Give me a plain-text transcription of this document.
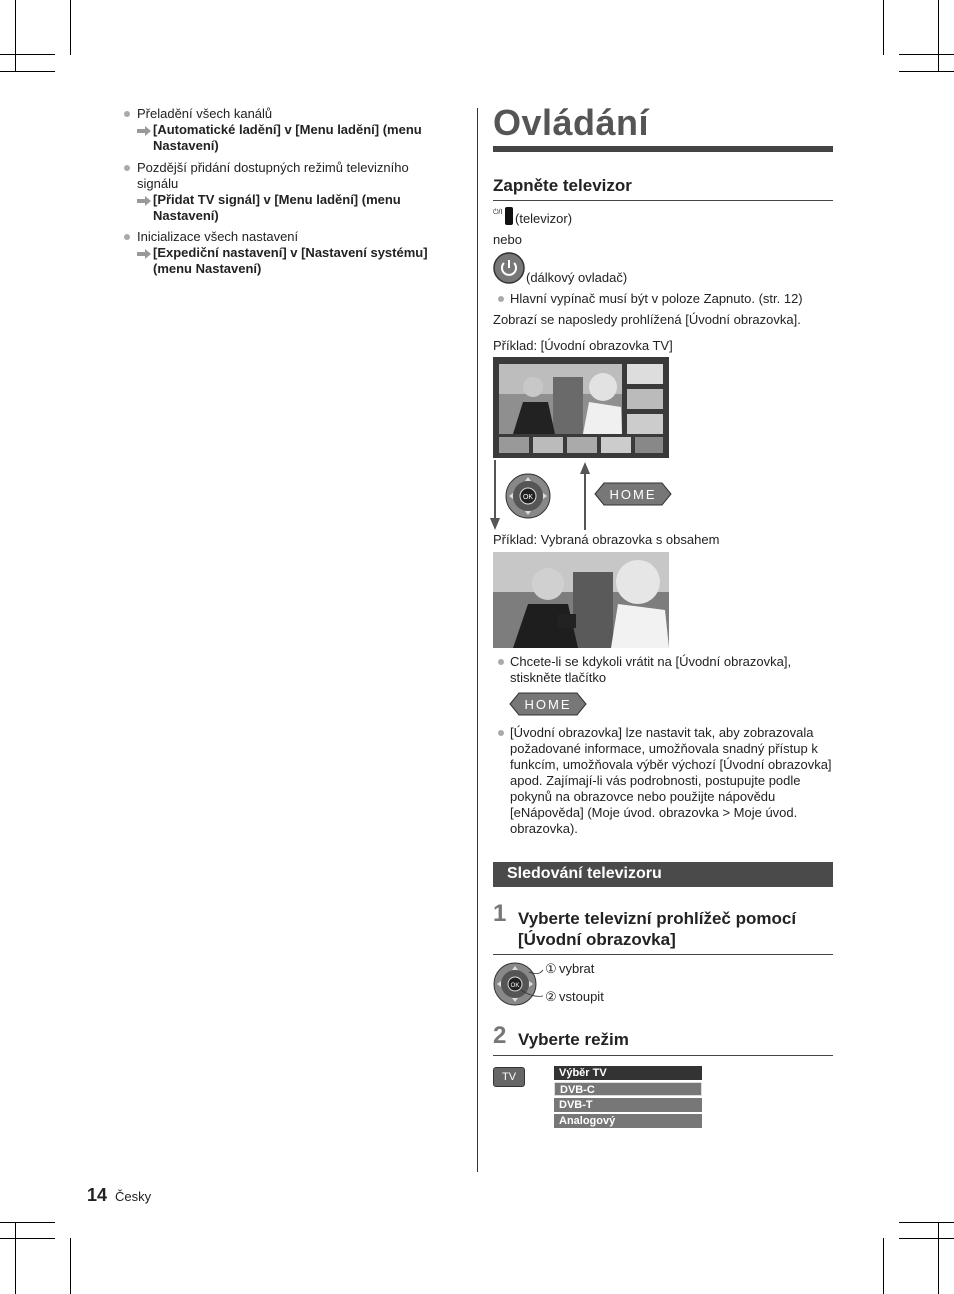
Přeladění všech kanálů
[Automatické ladění] v [Menu ladění] (menu Nastavení)
Pozdější přidání dostupných režimů televizního signálu
[Přidat TV signál] v [Menu ladění] (menu Nastavení)
Inicializace všech nastavení
[Expediční nastavení] v [Nastavení systému] (menu Nastavení)
Ovládání
Zapněte televizor
⏻/I (televizor)
nebo
(dálkový ovladač)
Hlavní vypínač musí být v poloze Zapnuto. (str. 12)
Zobrazí se naposledy prohlížená [Úvodní obrazovka].
Příklad: [Úvodní obrazovka TV]
OK	HOME
Příklad: Vybraná obrazovka s obsahem
Chcete-li se kdykoli vrátit na [Úvodní obrazovka], stiskněte tlačítko
HOME
[Úvodní obrazovka] lze nastavit tak, aby zobrazovala požadované informace, umožňovala snadný přístup k funkcím, umožňovala výběr výchozí [Úvodní obrazovka] apod. Zajímají-li vás podrobnosti, postupujte podle pokynů na obrazovce nebo použijte nápovědu [eNápověda] (Moje úvod. obrazovka > Moje úvod. obrazovka).
Sledování televizoru
1 Vyberte televizní prohlížeč pomocí [Úvodní obrazovka]
OK
① vybrat
② vstoupit
2 Vyberte režim
TV	Výběr TV
DVB-C
DVB-T
Analogový
14 Česky
